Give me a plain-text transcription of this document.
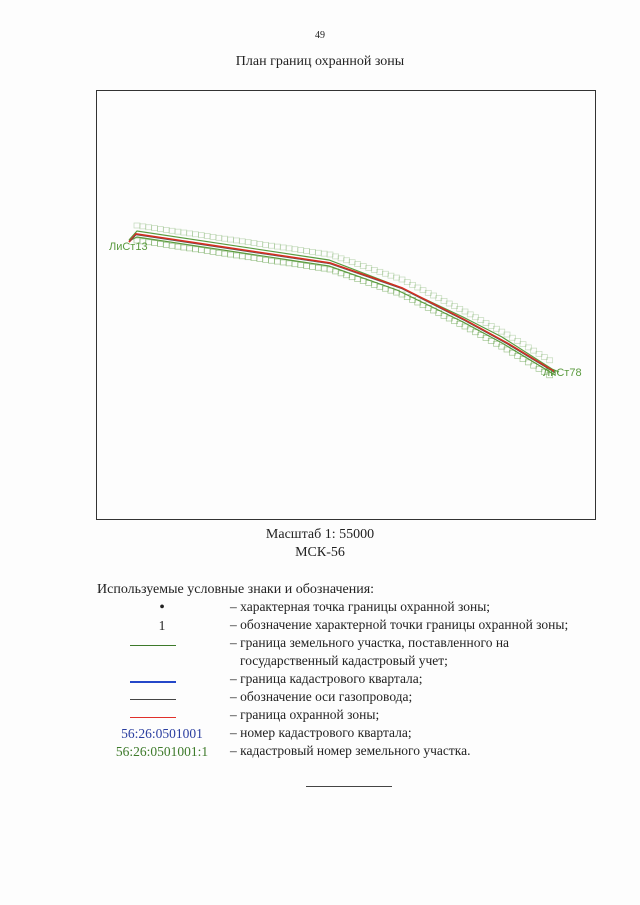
49
План границ охранной зоны
ЛиСт13
ЛиСт78
Масштаб 1: 55000
МСК-56
Используемые условные знаки и обозначения:
•	– характерная точка границы охранной зоны;
1	– обозначение характерной точки границы охранной зоны;
– граница земельного участка, поставленного на
государственный кадастровый учет;
– граница кадастрового квартала;
– обозначение оси газопровода;
– граница охранной зоны;
56:26:0501001	– номер кадастрового квартала;
56:26:0501001:1	– кадастровый номер земельного участка.
